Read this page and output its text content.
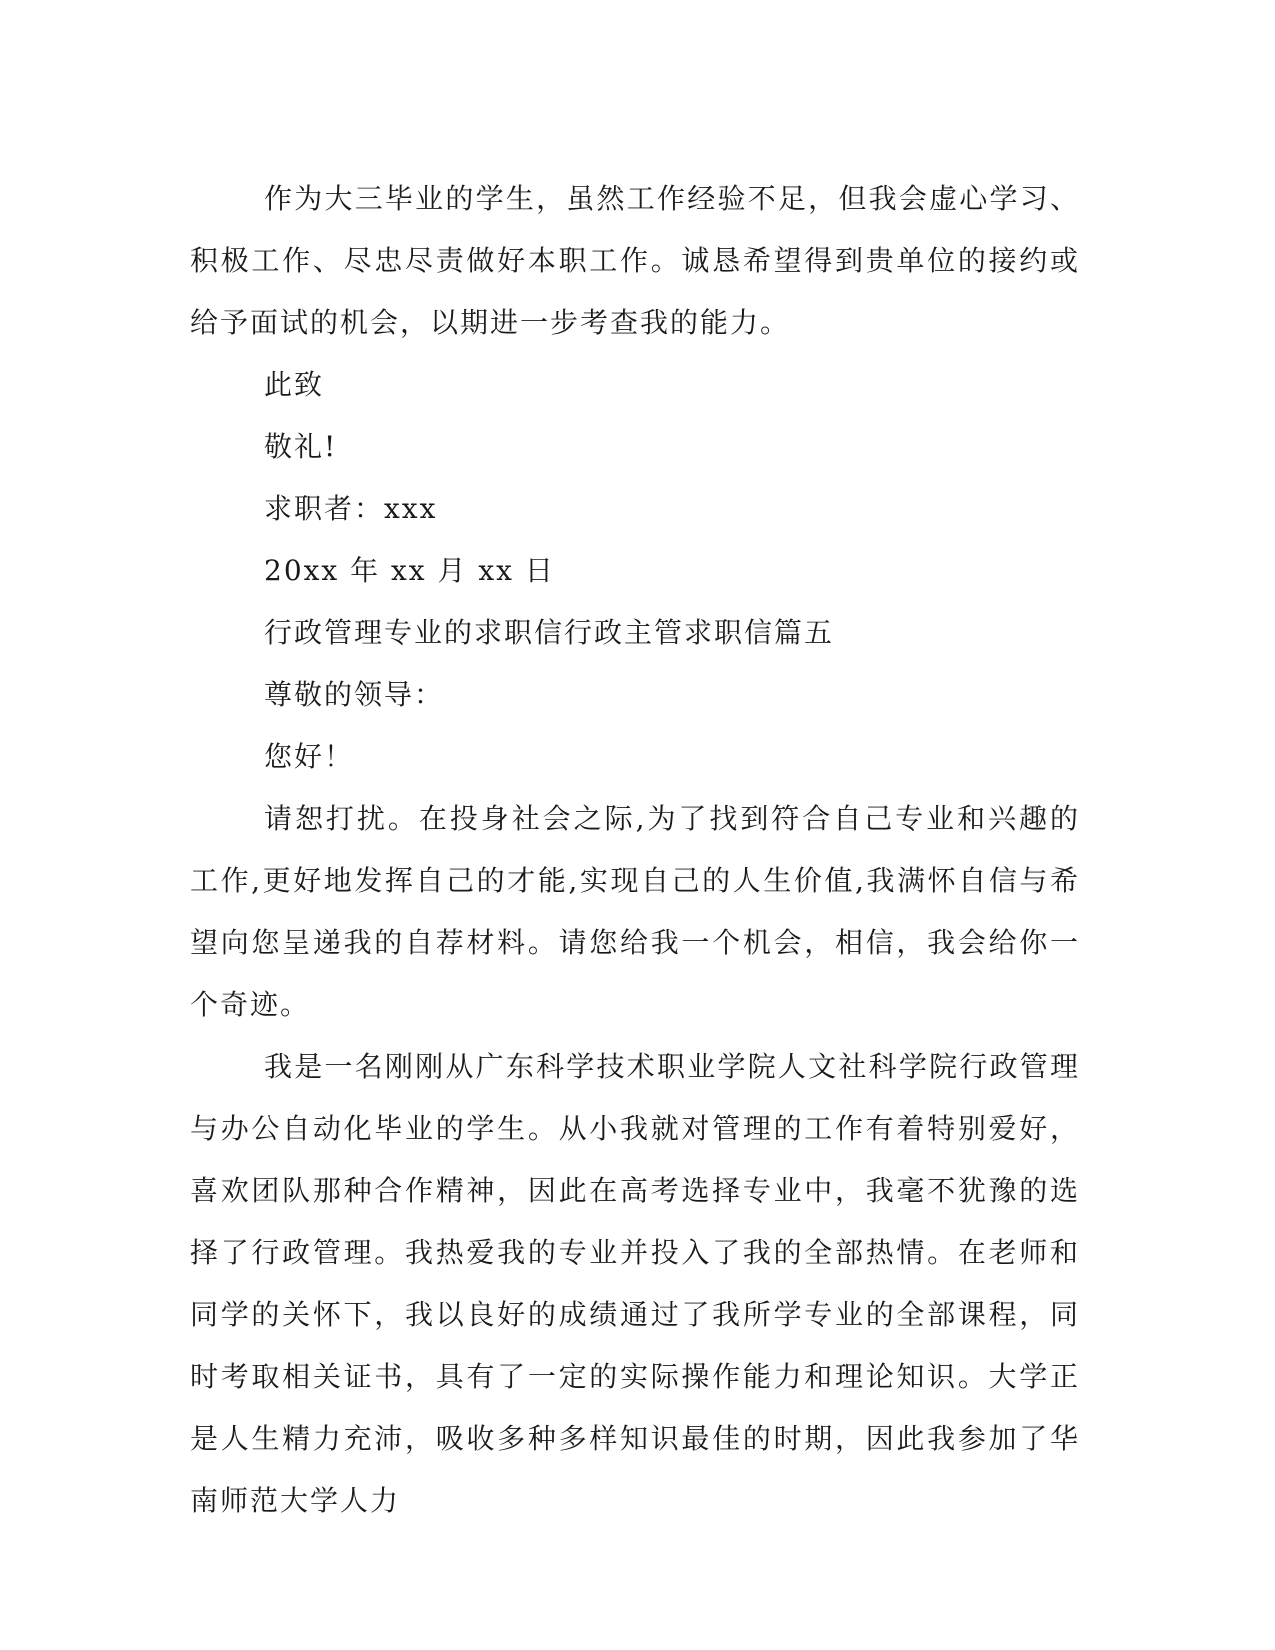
作为大三毕业的学生，虽然工作经验不足，但我会虚心学习、积极工作、尽忠尽责做好本职工作。诚恳希望得到贵单位的接约或给予面试的机会，以期进一步考查我的能力。

此致

敬礼!

求职者：xxx

20xx 年 xx 月 xx 日

行政管理专业的求职信行政主管求职信篇五

尊敬的领导：

您好！

请恕打扰。在投身社会之际,为了找到符合自己专业和兴趣的工作,更好地发挥自己的才能,实现自己的人生价值,我满怀自信与希望向您呈递我的自荐材料。请您给我一个机会，相信，我会给你一个奇迹。

我是一名刚刚从广东科学技术职业学院人文社科学院行政管理与办公自动化毕业的学生。从小我就对管理的工作有着特别爱好，喜欢团队那种合作精神，因此在高考选择专业中，我毫不犹豫的选择了行政管理。我热爱我的专业并投入了我的全部热情。在老师和同学的关怀下，我以良好的成绩通过了我所学专业的全部课程，同时考取相关证书，具有了一定的实际操作能力和理论知识。大学正是人生精力充沛，吸收多种多样知识最佳的时期，因此我参加了华南师范大学人力
